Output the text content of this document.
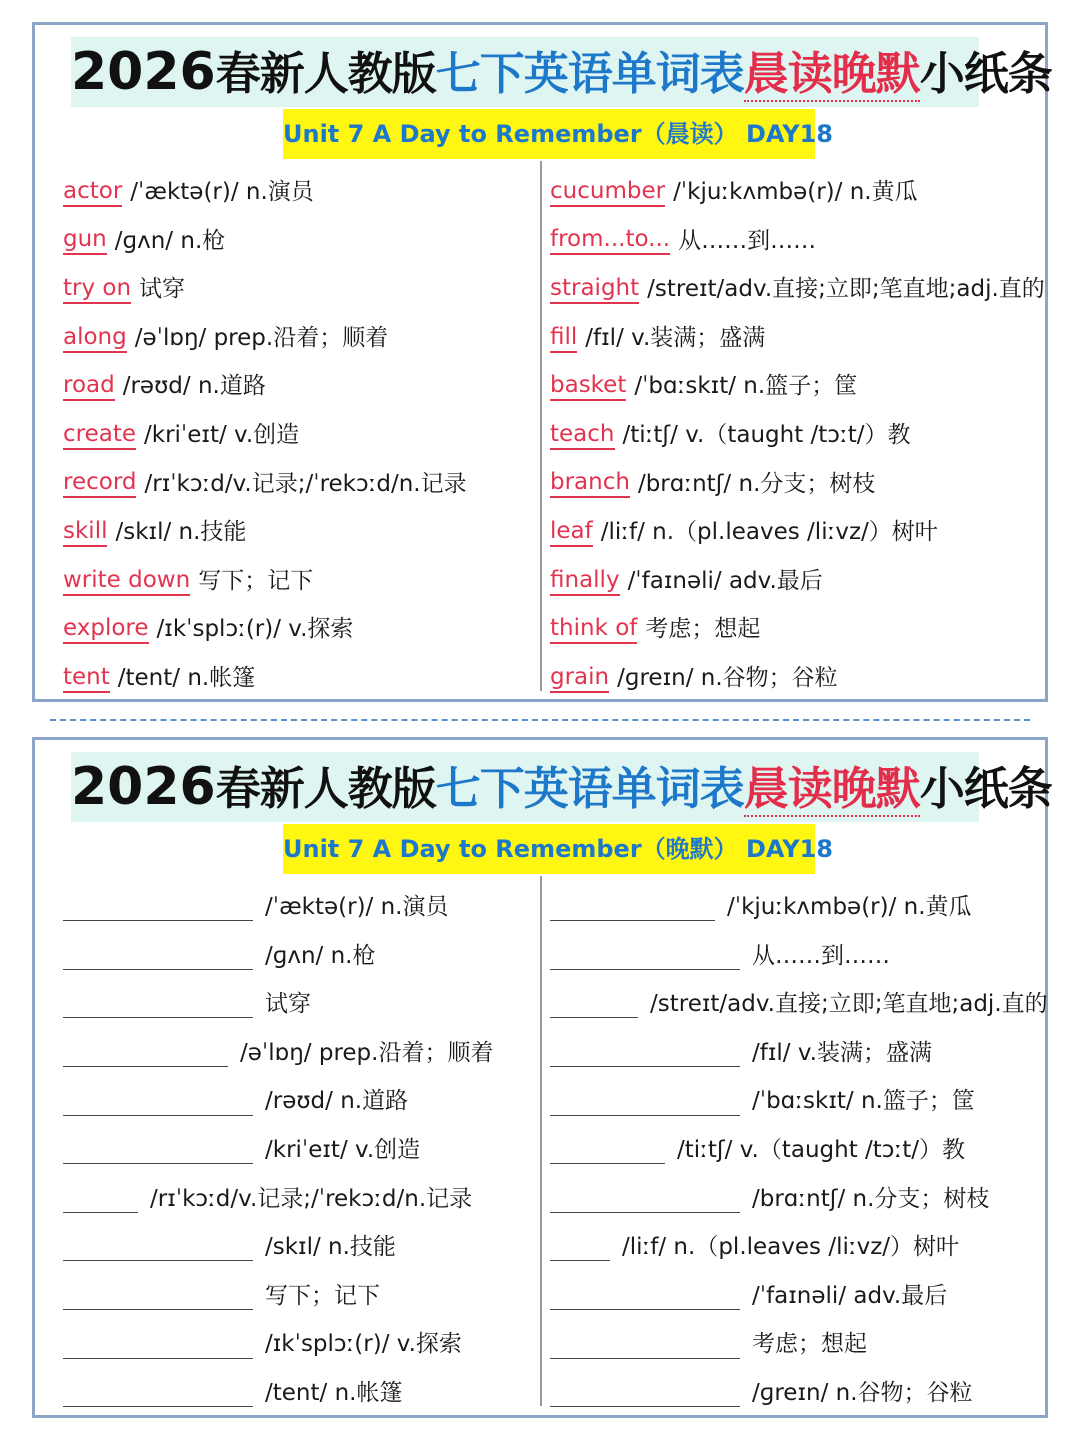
2026春新人教版七下英语单词表晨读晚默小纸条
Unit 7 A Day to Remember（晨读） DAY18
actor /ˈæktə(r)/ n.演员
gun /ɡʌn/ n.枪
try on 试穿
along /əˈlɒŋ/ prep.沿着；顺着
road /rəʊd/ n.道路
create /kriˈeɪt/ v.创造
record /rɪˈkɔːd/v.记录;/ˈrekɔːd/n.记录
skill /skɪl/ n.技能
write down 写下；记下
explore /ɪkˈsplɔː(r)/ v.探索
tent /tent/ n.帐篷
cucumber /ˈkjuːkʌmbə(r)/ n.黄瓜
from...to... 从……到……
straight /streɪt/adv.直接;立即;笔直地;adj.直的
fill /fɪl/ v.装满；盛满
basket /ˈbɑːskɪt/ n.篮子；筐
teach /tiːtʃ/ v.（taught /tɔːt/）教
branch /brɑːntʃ/ n.分支；树枝
leaf /liːf/ n.（pl.leaves /liːvz/）树叶
finally /ˈfaɪnəli/ adv.最后
think of 考虑；想起
grain /ɡreɪn/ n.谷物；谷粒
2026春新人教版七下英语单词表晨读晚默小纸条
Unit 7 A Day to Remember（晚默） DAY18
/ˈæktə(r)/ n.演员
/ɡʌn/ n.枪
试穿
/əˈlɒŋ/ prep.沿着；顺着
/rəʊd/ n.道路
/kriˈeɪt/ v.创造
/rɪˈkɔːd/v.记录;/ˈrekɔːd/n.记录
/skɪl/ n.技能
写下；记下
/ɪkˈsplɔː(r)/ v.探索
/tent/ n.帐篷
/ˈkjuːkʌmbə(r)/ n.黄瓜
从……到……
/streɪt/adv.直接;立即;笔直地;adj.直的
/fɪl/ v.装满；盛满
/ˈbɑːskɪt/ n.篮子；筐
/tiːtʃ/ v.（taught /tɔːt/）教
/brɑːntʃ/ n.分支；树枝
/liːf/ n.（pl.leaves /liːvz/）树叶
/ˈfaɪnəli/ adv.最后
考虑；想起
/ɡreɪn/ n.谷物；谷粒
